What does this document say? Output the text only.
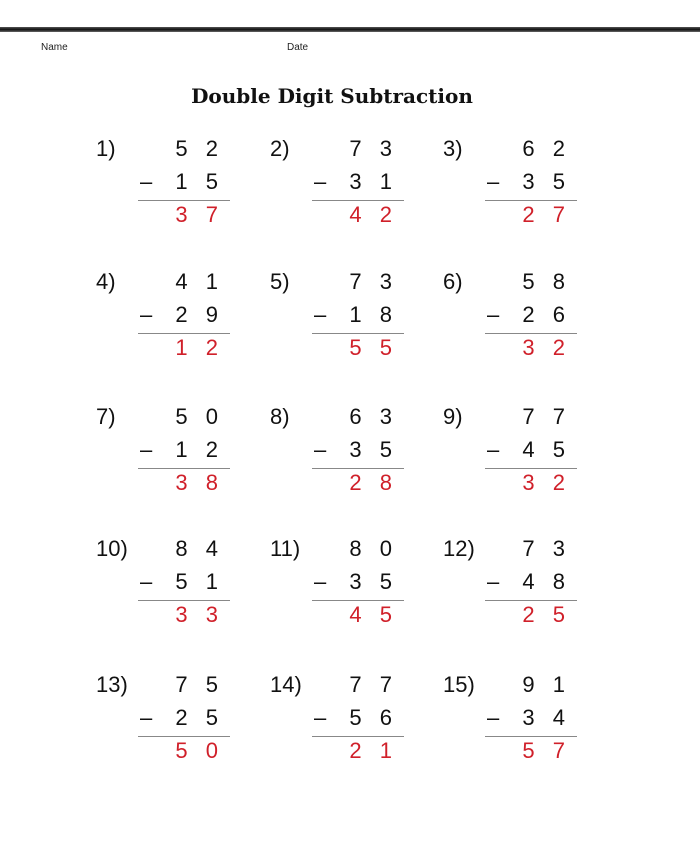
Name	Date
Double Digit Subtraction
1)	5 2
– 1 5
3 7
2)	7 3
– 3 1
4 2
3)	6 2
– 3 5
2 7
4)	4 1
– 2 9
1 2
5)	7 3
– 1 8
5 5
6)	5 8
– 2 6
3 2
7)	5 0
– 1 2
3 8
8)	6 3
– 3 5
2 8
9)	7 7
– 4 5
3 2
10) 8 4
– 5 1
3 3
11) 8 0
– 3 5
4 5
12) 7 3
– 4 8
2 5
13) 7 5
– 2 5
5 0
14) 7 7
– 5 6
2 1
15) 9 1
– 3 4
5 7
